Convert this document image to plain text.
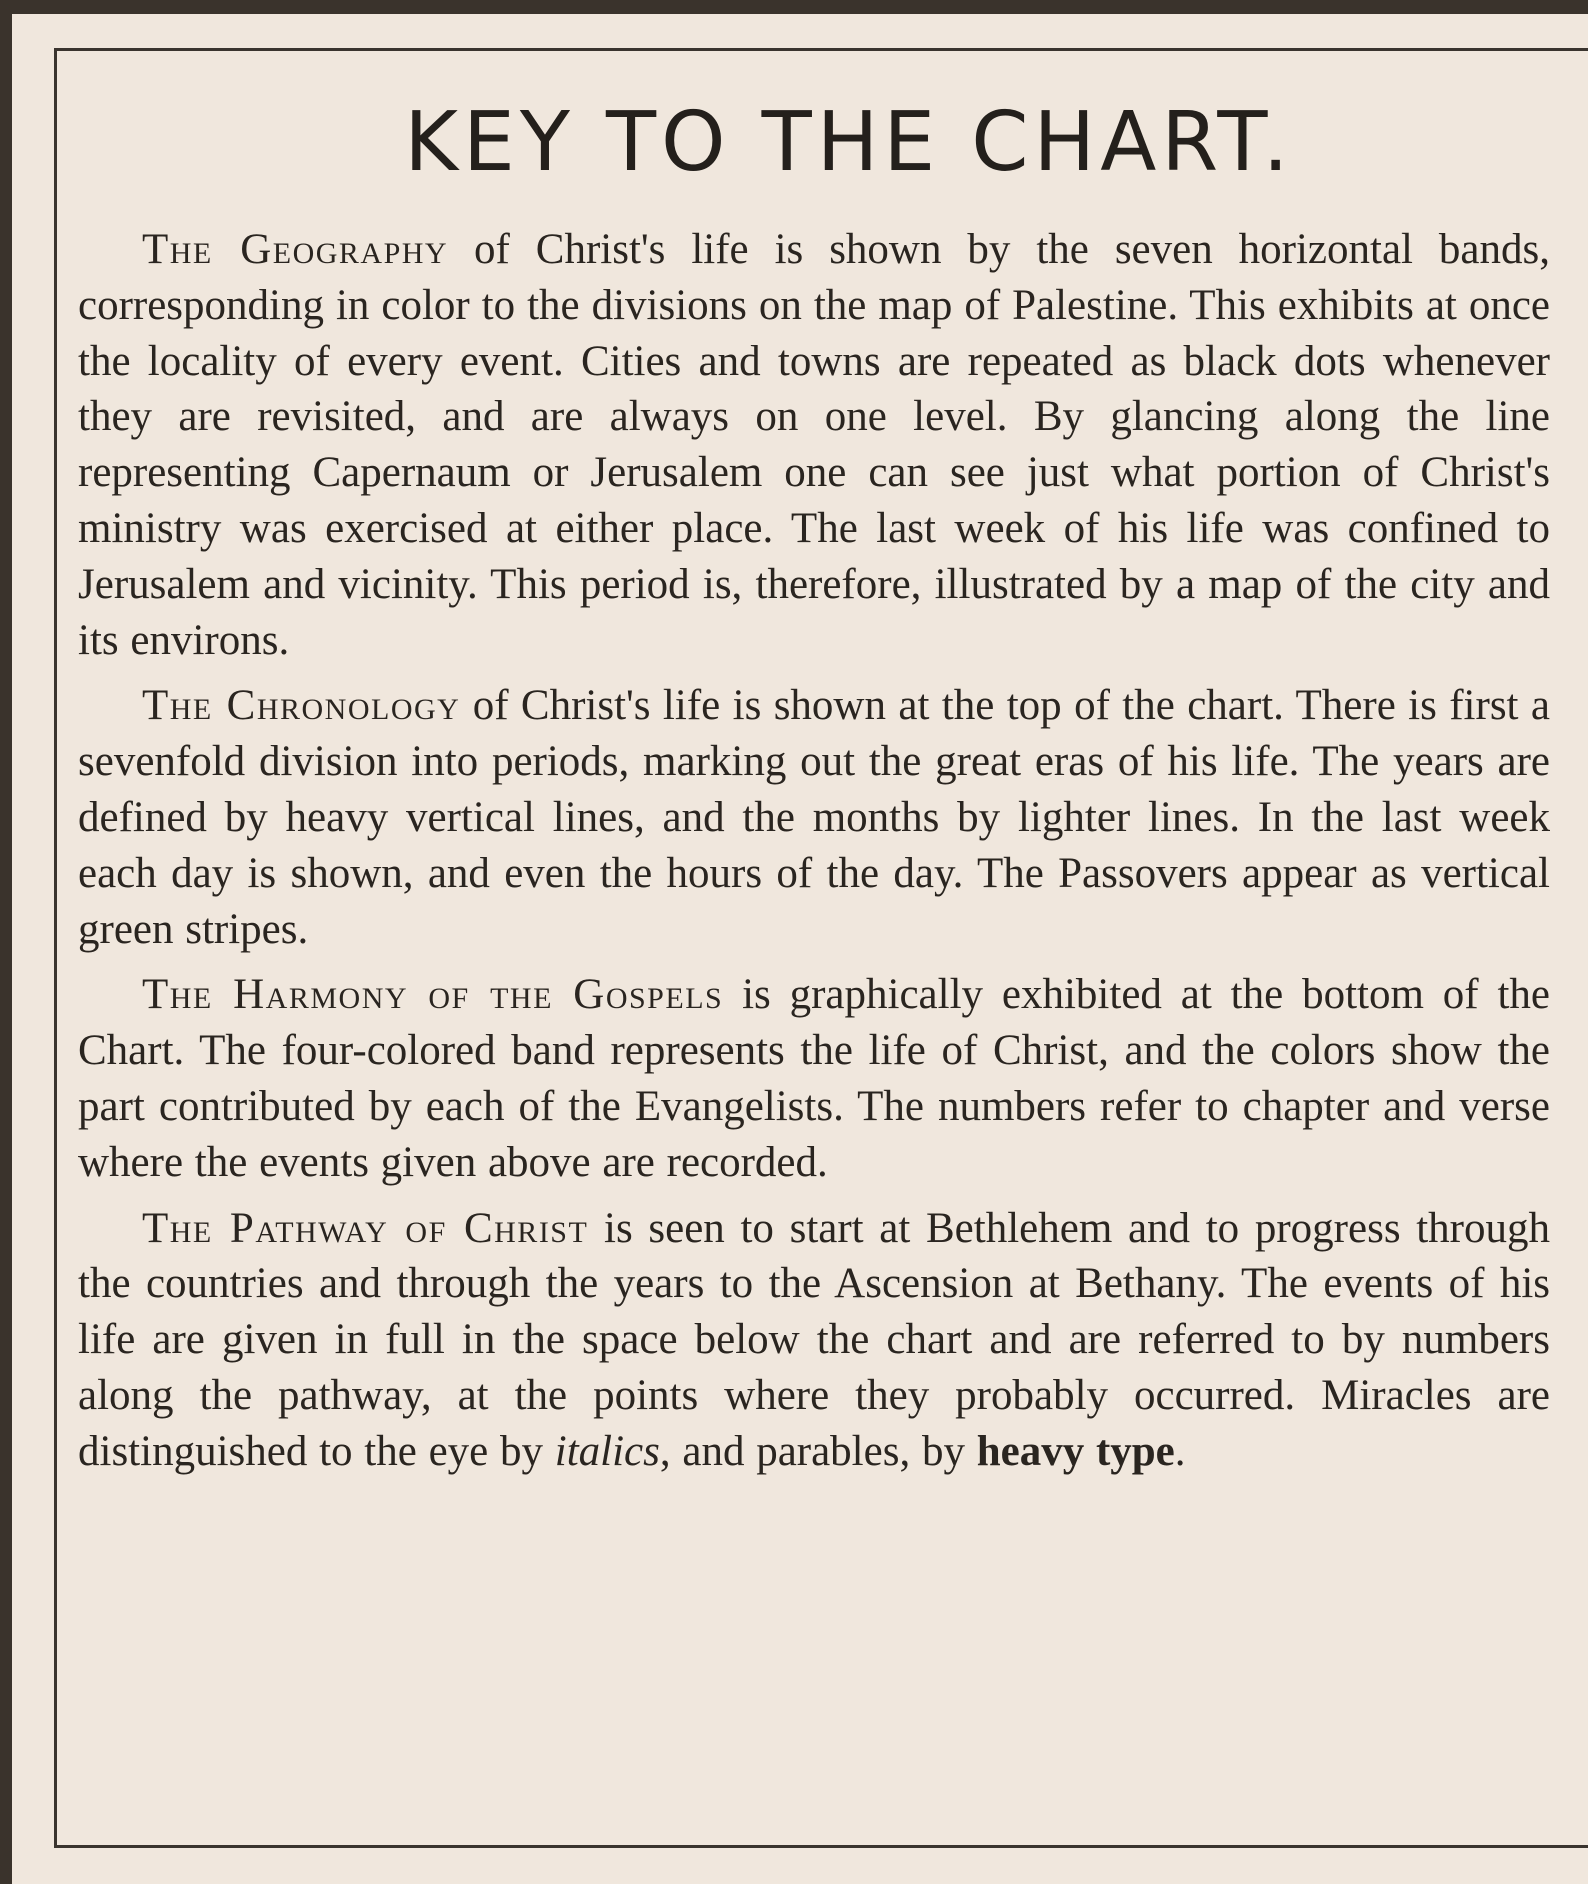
KEY TO THE CHART.

The Geography of Christ's life is shown by the seven horizontal bands, corresponding in color to the divisions on the map of Palestine. This exhibits at once the locality of every event. Cities and towns are repeated as black dots whenever they are revisited, and are always on one level. By glancing along the line representing Capernaum or Jerusalem one can see just what portion of Christ's ministry was exercised at either place. The last week of his life was confined to Jerusalem and vicinity. This period is, therefore, illustrated by a map of the city and its environs.

The Chronology of Christ's life is shown at the top of the chart. There is first a sevenfold division into periods, marking out the great eras of his life. The years are defined by heavy vertical lines, and the months by lighter lines. In the last week each day is shown, and even the hours of the day. The Passovers appear as vertical green stripes.

The Harmony of the Gospels is graphically exhibited at the bottom of the Chart. The four-colored band represents the life of Christ, and the colors show the part contributed by each of the Evangelists. The numbers refer to chapter and verse where the events given above are recorded.

The Pathway of Christ is seen to start at Bethlehem and to progress through the countries and through the years to the Ascension at Bethany. The events of his life are given in full in the space below the chart and are referred to by numbers along the pathway, at the points where they probably occurred. Miracles are distinguished to the eye by italics, and parables, by heavy type.
